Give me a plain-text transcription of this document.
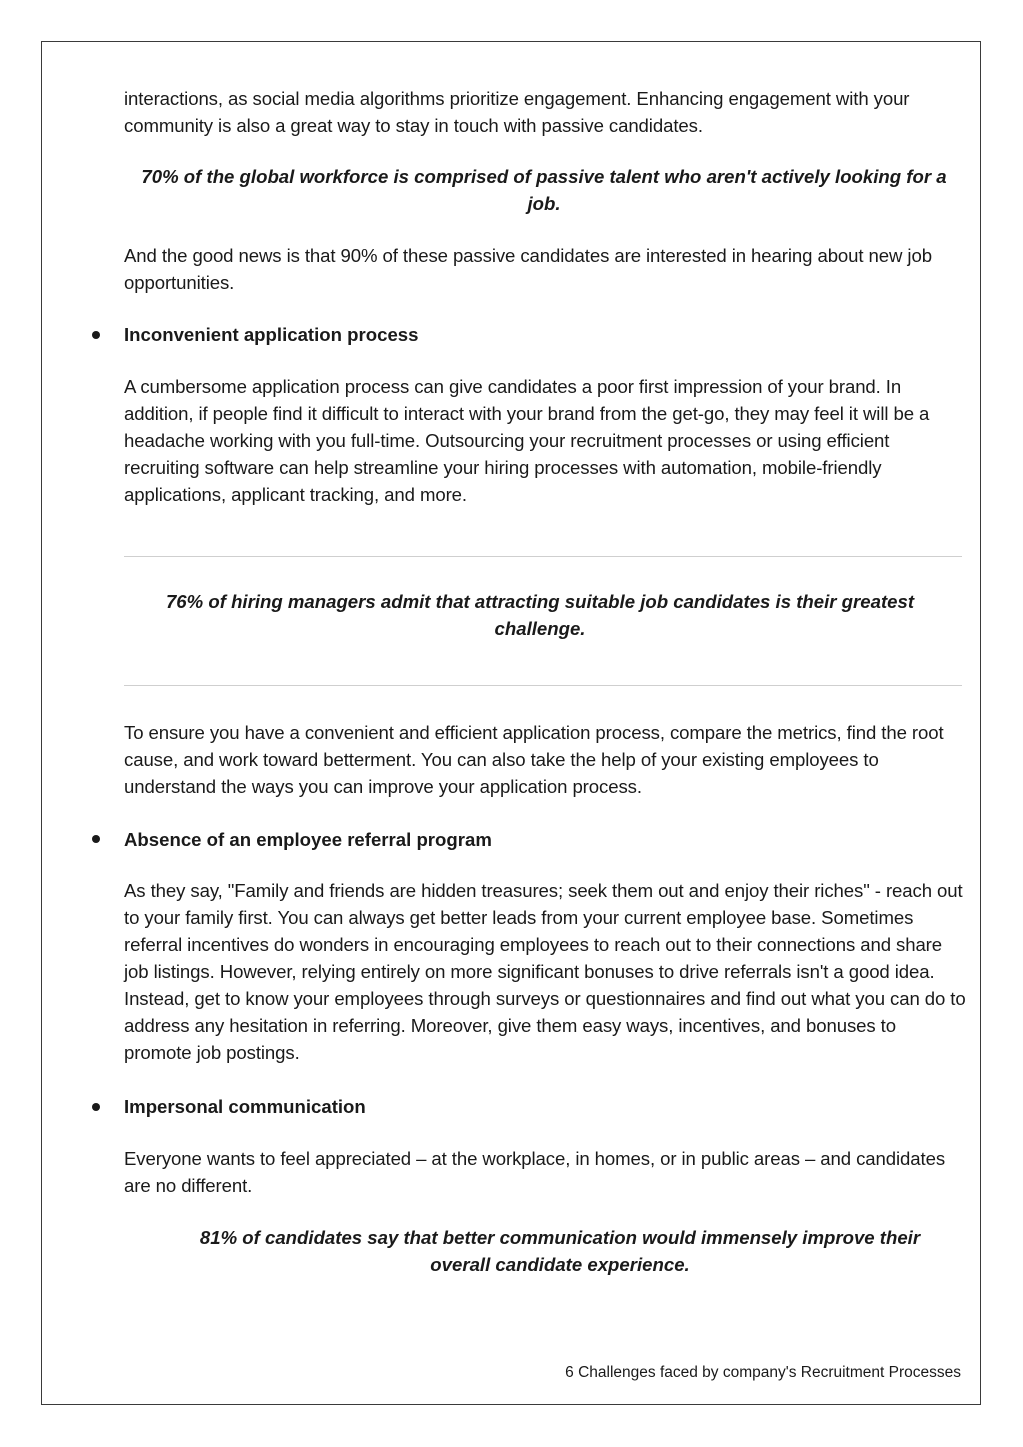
interactions, as social media algorithms prioritize engagement. Enhancing engagement with your community is also a great way to stay in touch with passive candidates.

70% of the global workforce is comprised of passive talent who aren't actively looking for a job.

And the good news is that 90% of these passive candidates are interested in hearing about new job opportunities.

Inconvenient application process

A cumbersome application process can give candidates a poor first impression of your brand. In addition, if people find it difficult to interact with your brand from the get-go, they may feel it will be a headache working with you full-time. Outsourcing your recruitment processes or using efficient recruiting software can help streamline your hiring processes with automation, mobile-friendly applications, applicant tracking, and more.

76% of hiring managers admit that attracting suitable job candidates is their greatest challenge.

To ensure you have a convenient and efficient application process, compare the metrics, find the root cause, and work toward betterment. You can also take the help of your existing employees to understand the ways you can improve your application process.

Absence of an employee referral program

As they say, "Family and friends are hidden treasures; seek them out and enjoy their riches" - reach out to your family first. You can always get better leads from your current employee base. Sometimes referral incentives do wonders in encouraging employees to reach out to their connections and share job listings. However, relying entirely on more significant bonuses to drive referrals isn't a good idea. Instead, get to know your employees through surveys or questionnaires and find out what you can do to address any hesitation in referring. Moreover, give them easy ways, incentives, and bonuses to promote job postings.

Impersonal communication

Everyone wants to feel appreciated – at the workplace, in homes, or in public areas – and candidates are no different.

81% of candidates say that better communication would immensely improve their overall candidate experience.

6 Challenges faced by company's Recruitment Processes
